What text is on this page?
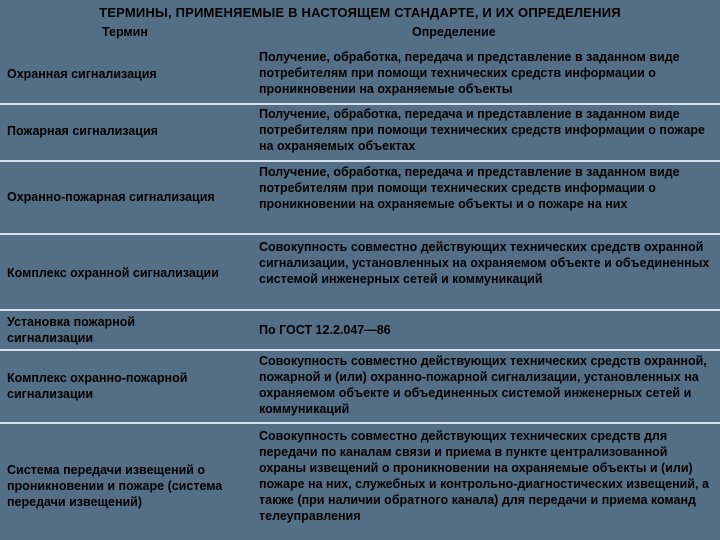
ТЕРМИНЫ, ПРИМЕНЯЕМЫЕ В НАСТОЯЩЕМ СТАНДАРТЕ, И ИХ ОПРЕДЕЛЕНИЯ
Термин	Определение
Охранная сигнализация
Получение, обработка, передача и представление в заданном виде потребителям при помощи технических средств информации о проникновении на охраняемые объекты
Пожарная сигнализация
Получение, обработка, передача и представление в заданном виде потребителям при помощи технических средств информации о пожаре на охраняемых объектах
Охранно-пожарная сигнализация
Получение, обработка, передача и представление в заданном виде потребителям при помощи технических средств информации о проникновении на охраняемые объекты и о пожаре на них
Комплекс охранной сигнализации
Совокупность совместно действующих технических средств охранной сигнализации, установленных на охраняемом объекте и объединенных системой инженерных сетей и коммуникаций
Установка пожарной сигнализации
По ГОСТ 12.2.047—86
Комплекс охранно-пожарной сигнализации
Совокупность совместно действующих технических средств охранной, пожарной и (или) охранно-пожарной сигнализации, установленных на охраняемом объекте и объединенных системой инженерных сетей и коммуникаций
Система передачи извещений о проникновении и пожаре (система передачи извещений)
Совокупность совместно действующих технических средств для передачи по каналам связи и приема в пункте централизованной охраны извещений о проникновении на охраняемые объекты и (или) пожаре на них, служебных и контрольно-диагностических извещений, а также (при наличии обратного канала) для передачи и приема команд телеуправления
